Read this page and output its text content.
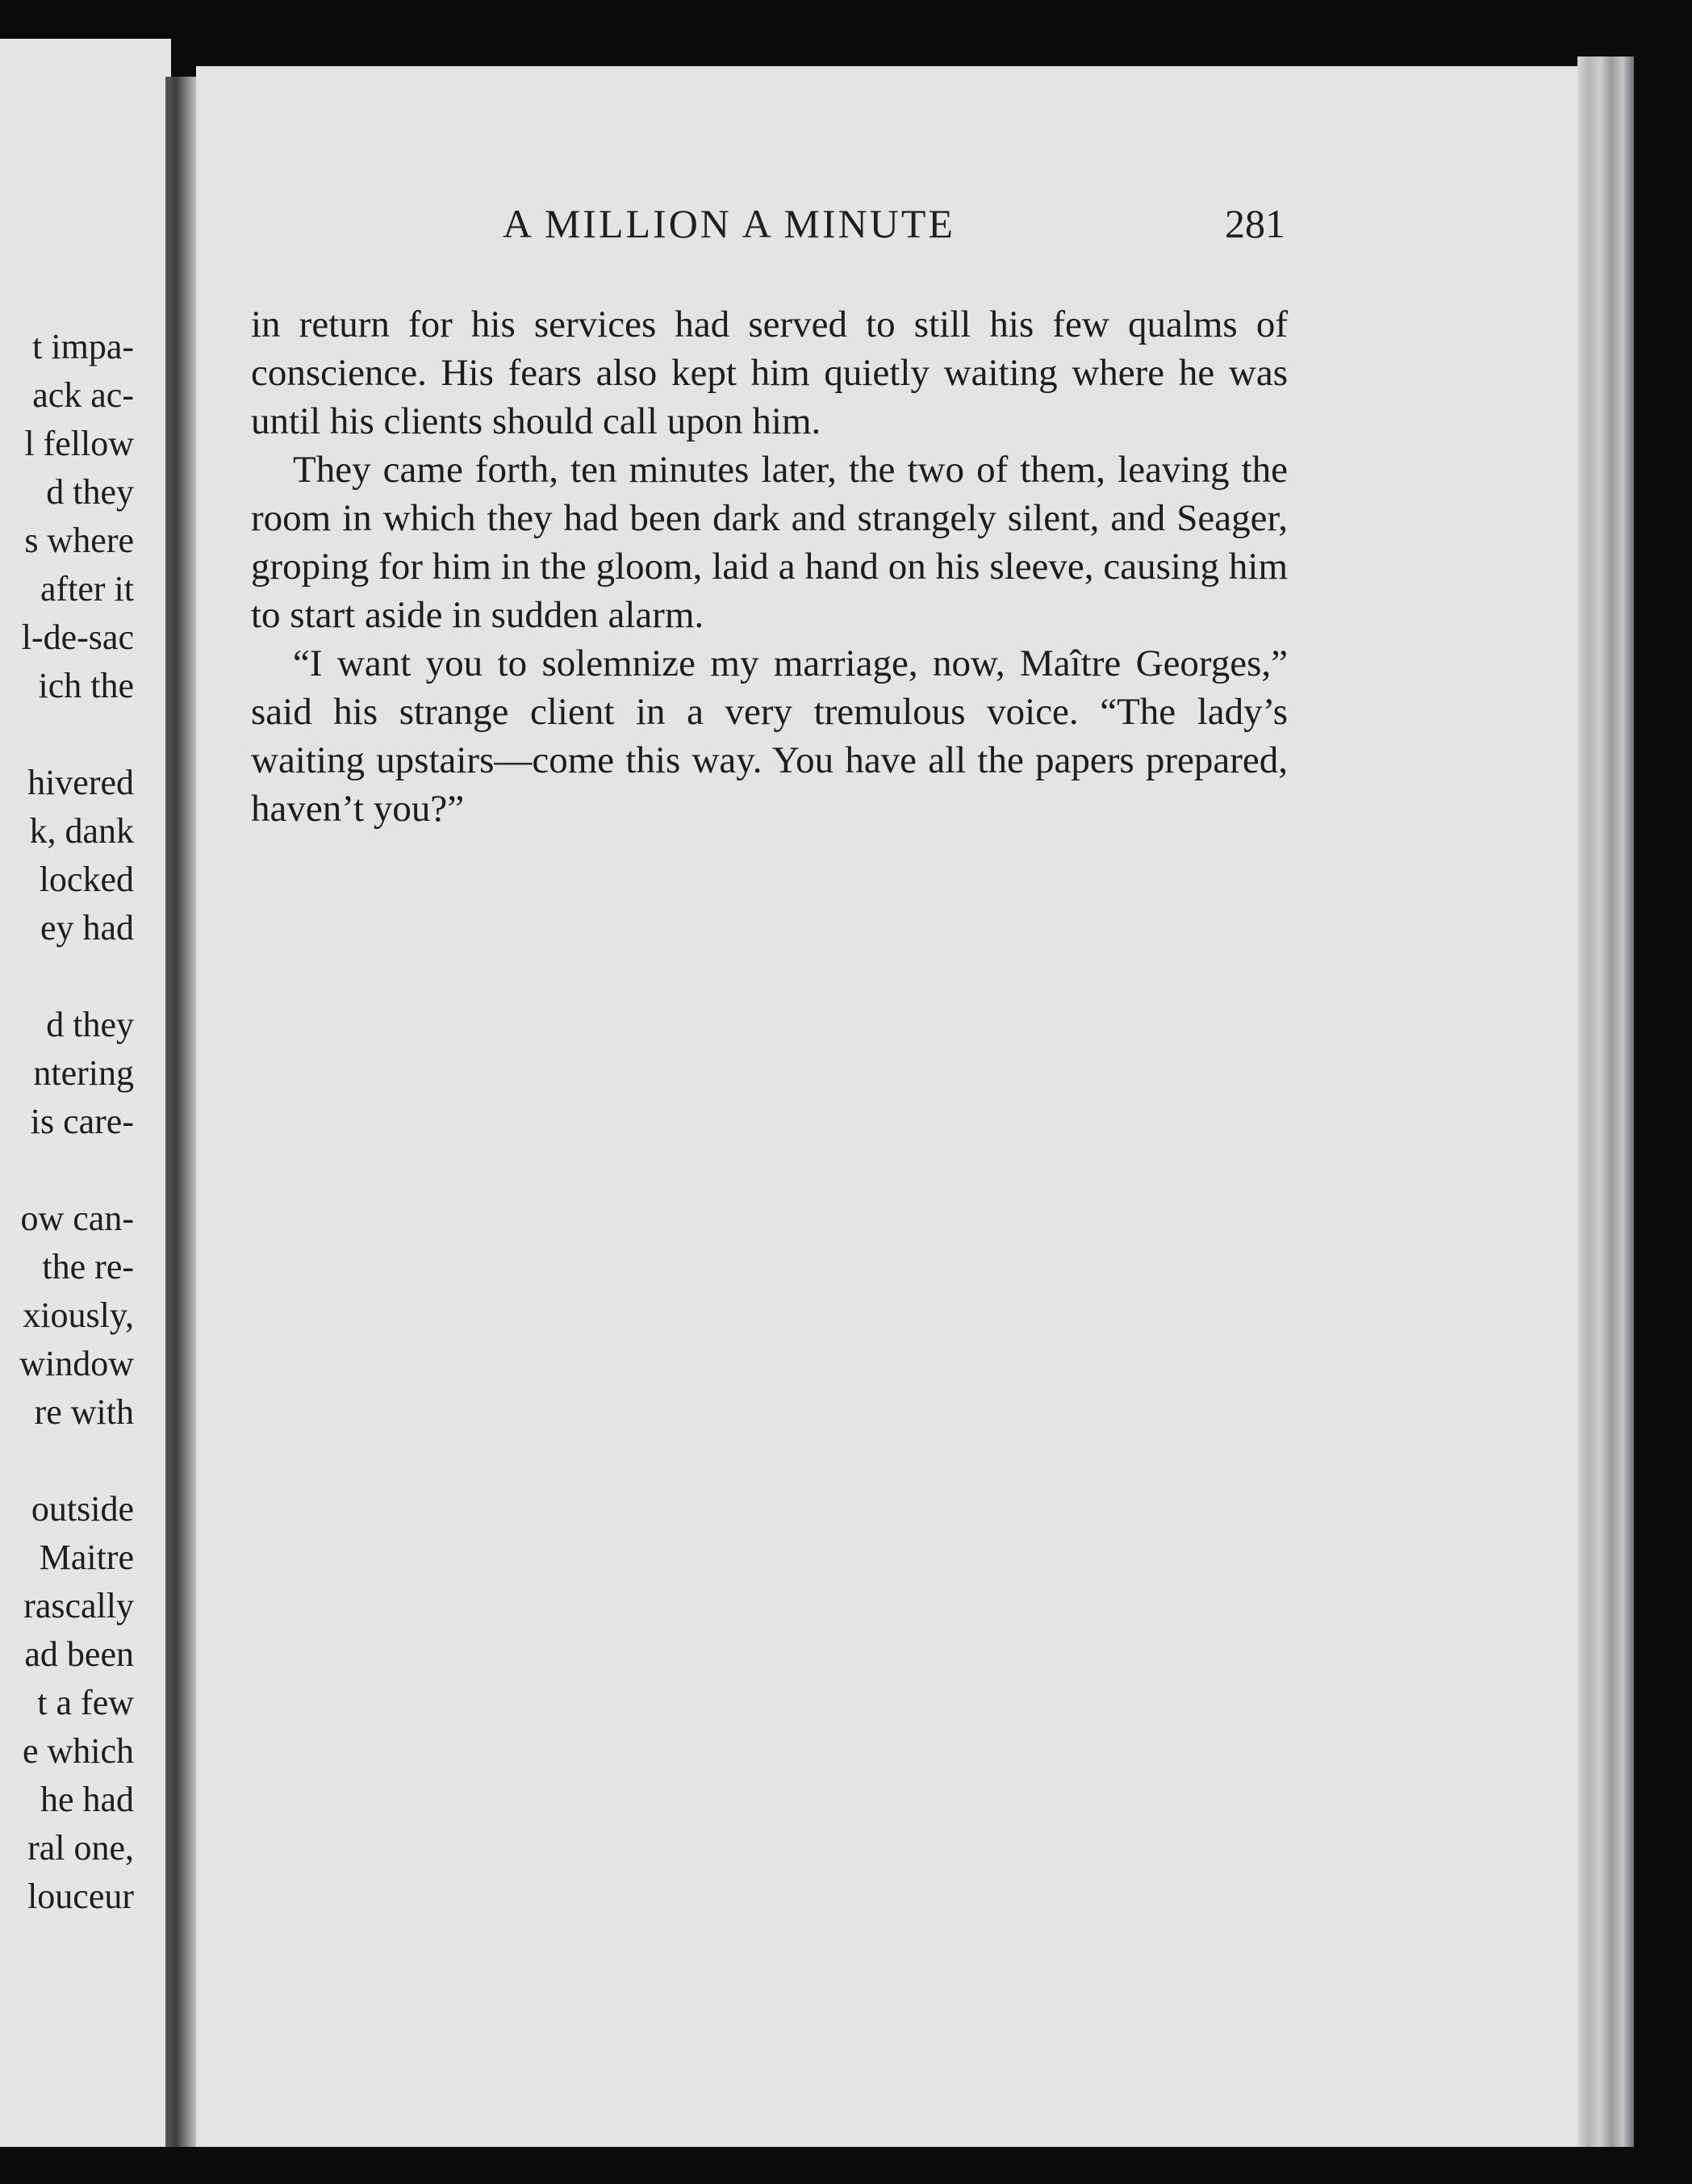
t impa-
ack ac-
l fellow
d they
s where
after it
l-de-sac
ich the
hivered
k, dank
locked
ey had
d they
ntering
is care-
ow can-
the re-
xiously,
window
re with
outside
Maitre
rascally
ad been
t a few
e which
he had
ral one,
louceur
A MILLION A MINUTE	281

in return for his services had served to still his few qualms of conscience. His fears also kept him quietly waiting where he was until his clients should call upon him.

They came forth, ten minutes later, the two of them, leaving the room in which they had been dark and strangely silent, and Seager, groping for him in the gloom, laid a hand on his sleeve, causing him to start aside in sudden alarm.

“I want you to solemnize my marriage, now, Maître Georges,” said his strange client in a very tremulous voice. “The lady’s waiting upstairs—come this way. You have all the papers prepared, haven’t you?”
